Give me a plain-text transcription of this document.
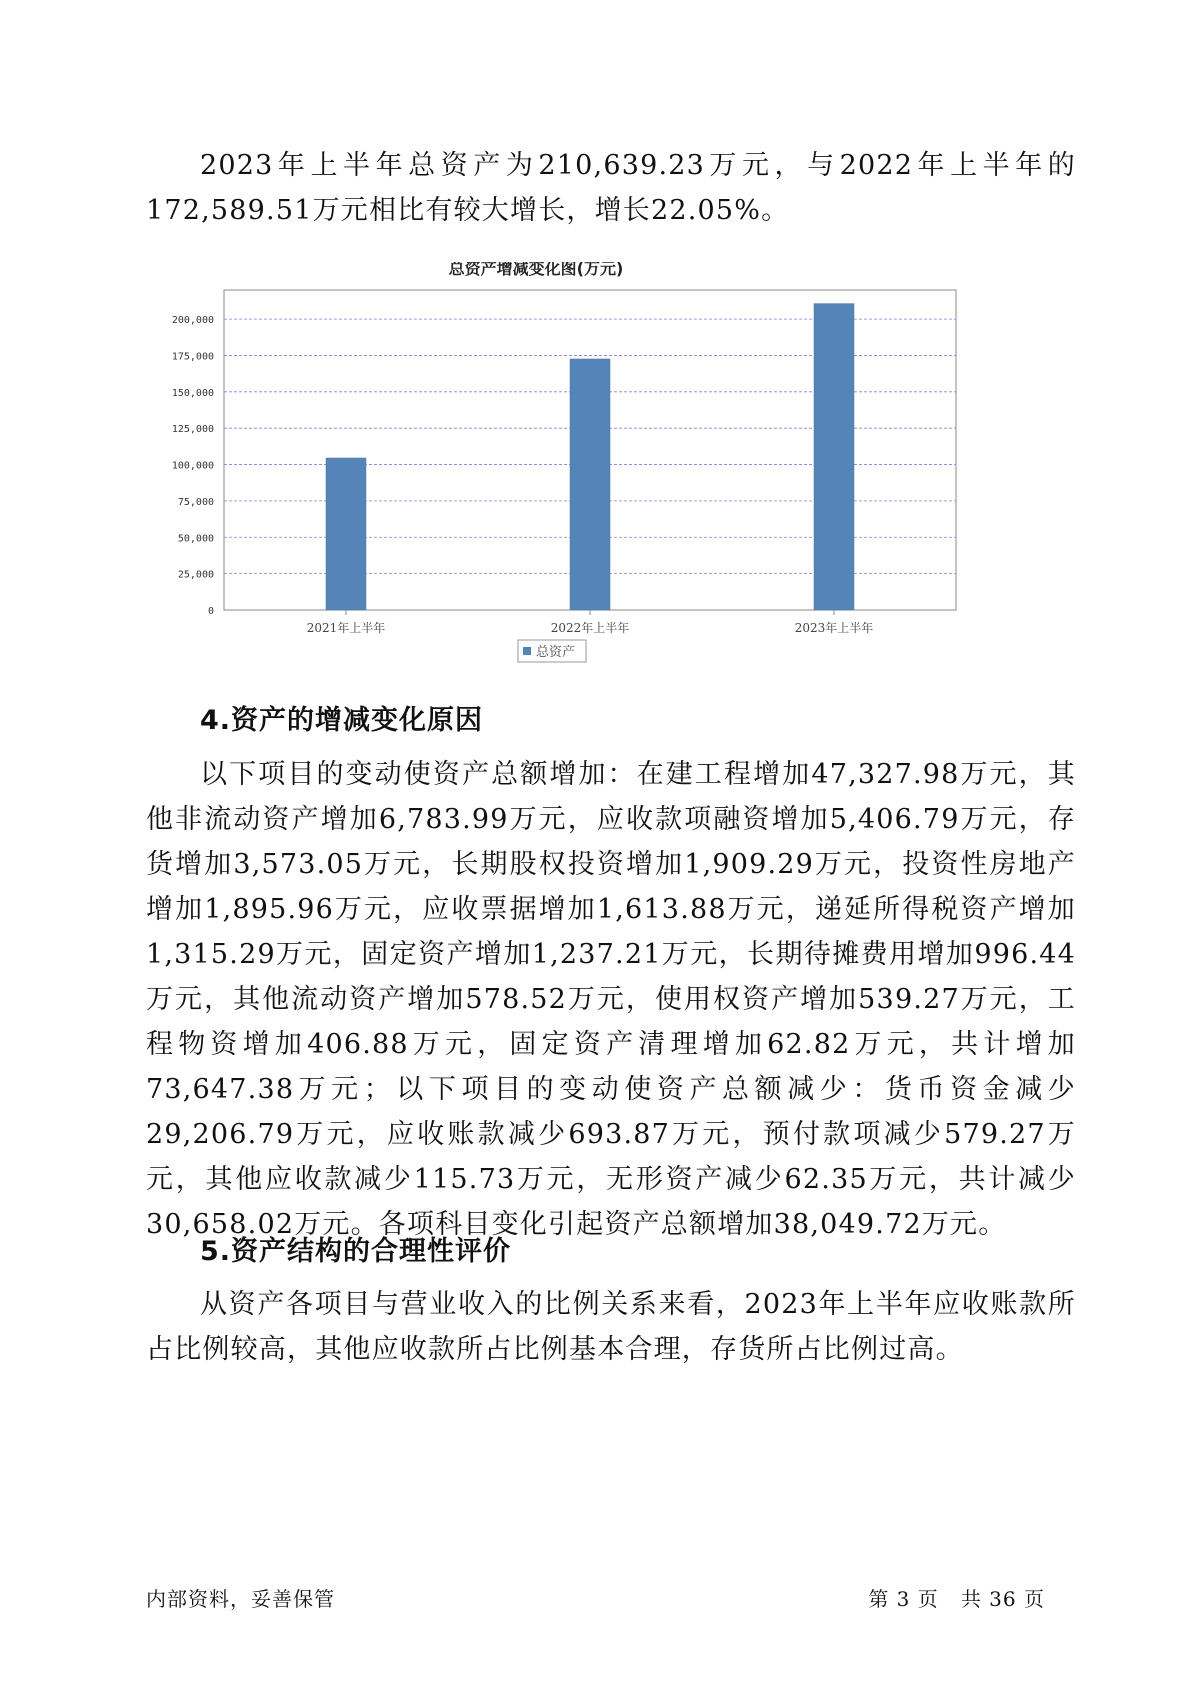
2023年上半年总资产为210,639.23万元，与2022年上半年的172,589.51万元相比有较大增长，增长22.05%。

总资产增减变化图(万元)
0
25,000
50,000
75,000
100,000
125,000
150,000
175,000
200,000
2021年上半年	2022年上半年	2023年上半年
总资产
4.资产的增减变化原因

以下项目的变动使资产总额增加：在建工程增加47,327.98万元，其他非流动资产增加6,783.99万元，应收款项融资增加5,406.79万元，存货增加3,573.05万元，长期股权投资增加1,909.29万元，投资性房地产增加1,895.96万元，应收票据增加1,613.88万元，递延所得税资产增加1,315.29万元，固定资产增加1,237.21万元，长期待摊费用增加996.44万元，其他流动资产增加578.52万元，使用权资产增加539.27万元，工程物资增加406.88万元，固定资产清理增加62.82万元，共计增加73,647.38万元；以下项目的变动使资产总额减少：货币资金减少29,206.79万元，应收账款减少693.87万元，预付款项减少579.27万元，其他应收款减少115.73万元，无形资产减少62.35万元，共计减少30,658.02万元。各项科目变化引起资产总额增加38,049.72万元。

5.资产结构的合理性评价

从资产各项目与营业收入的比例关系来看，2023年上半年应收账款所占比例较高，其他应收款所占比例基本合理，存货所占比例过高。

内部资料，妥善保管	第 3 页   共 36 页
